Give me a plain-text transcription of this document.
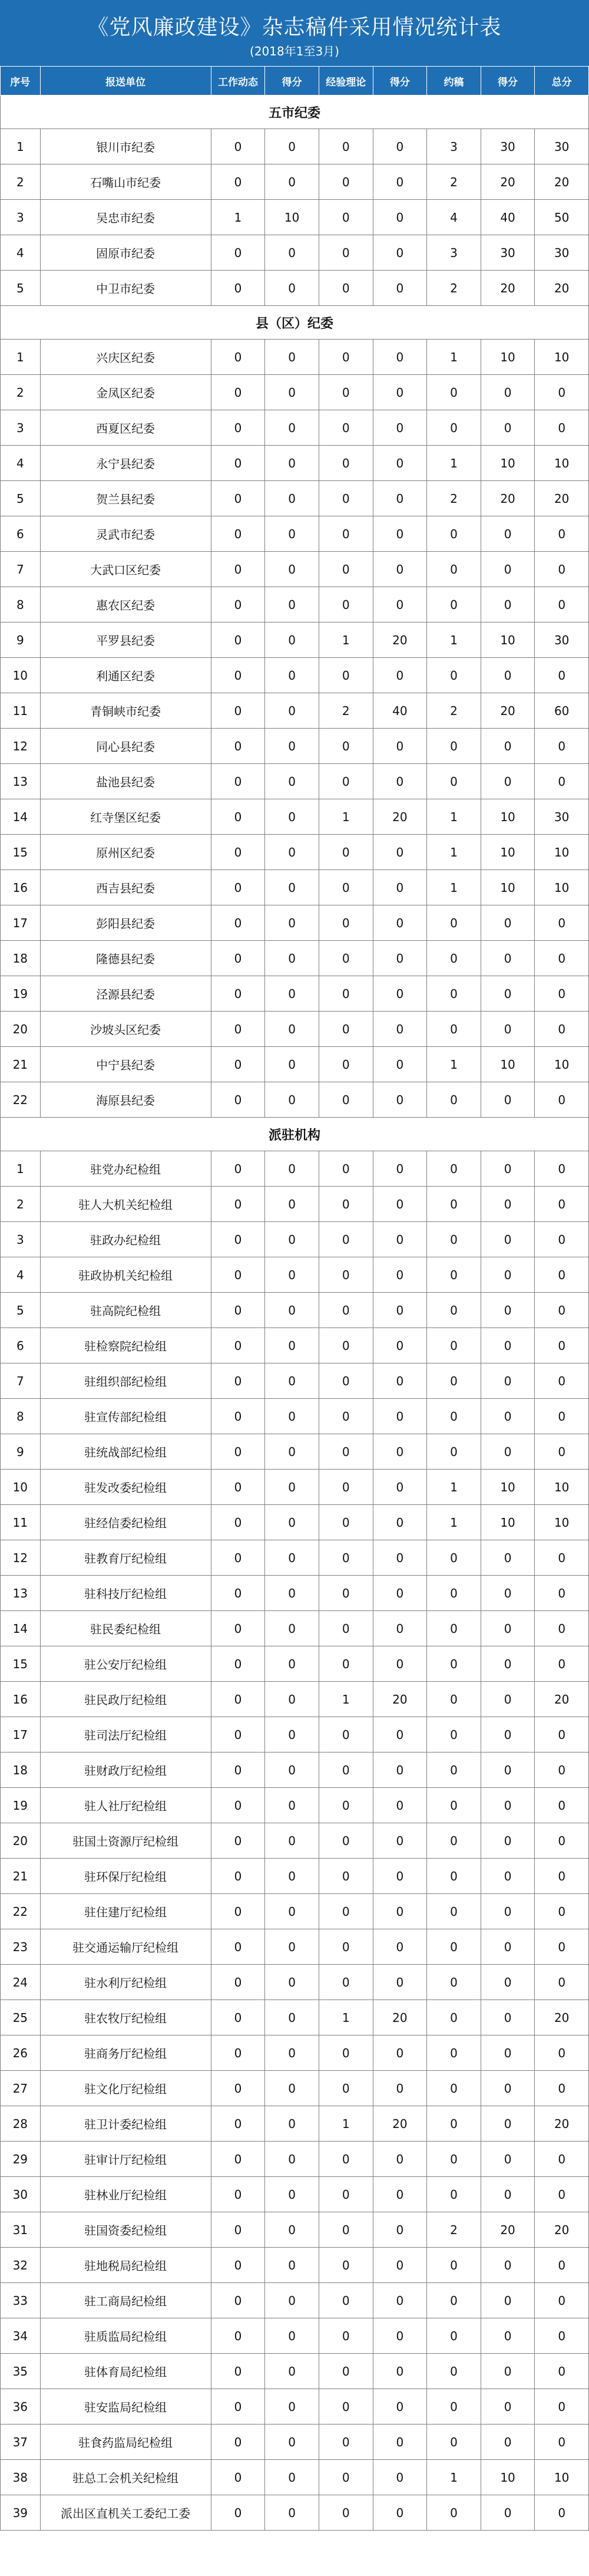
《党风廉政建设》杂志稿件采用情况统计表
(2018年1至3月)
序号	报送单位	工作动态	得分	经验理论	得分	约稿	得分	总分
五市纪委								
1	银川市纪委	0	0	0	0	3	30	30
2	石嘴山市纪委	0	0	0	0	2	20	20
3	吴忠市纪委	1	10	0	0	4	40	50
4	固原市纪委	0	0	0	0	3	30	30
5	中卫市纪委	0	0	0	0	2	20	20
县（区）纪委								
1	兴庆区纪委	0	0	0	0	1	10	10
2	金凤区纪委	0	0	0	0	0	0	0
3	西夏区纪委	0	0	0	0	0	0	0
4	永宁县纪委	0	0	0	0	1	10	10
5	贺兰县纪委	0	0	0	0	2	20	20
6	灵武市纪委	0	0	0	0	0	0	0
7	大武口区纪委	0	0	0	0	0	0	0
8	惠农区纪委	0	0	0	0	0	0	0
9	平罗县纪委	0	0	1	20	1	10	30
10	利通区纪委	0	0	0	0	0	0	0
11	青铜峡市纪委	0	0	2	40	2	20	60
12	同心县纪委	0	0	0	0	0	0	0
13	盐池县纪委	0	0	0	0	0	0	0
14	红寺堡区纪委	0	0	1	20	1	10	30
15	原州区纪委	0	0	0	0	1	10	10
16	西吉县纪委	0	0	0	0	1	10	10
17	彭阳县纪委	0	0	0	0	0	0	0
18	隆德县纪委	0	0	0	0	0	0	0
19	泾源县纪委	0	0	0	0	0	0	0
20	沙坡头区纪委	0	0	0	0	0	0	0
21	中宁县纪委	0	0	0	0	1	10	10
22	海原县纪委	0	0	0	0	0	0	0
派驻机构								
1	驻党办纪检组	0	0	0	0	0	0	0
2	驻人大机关纪检组	0	0	0	0	0	0	0
3	驻政办纪检组	0	0	0	0	0	0	0
4	驻政协机关纪检组	0	0	0	0	0	0	0
5	驻高院纪检组	0	0	0	0	0	0	0
6	驻检察院纪检组	0	0	0	0	0	0	0
7	驻组织部纪检组	0	0	0	0	0	0	0
8	驻宣传部纪检组	0	0	0	0	0	0	0
9	驻统战部纪检组	0	0	0	0	0	0	0
10	驻发改委纪检组	0	0	0	0	1	10	10
11	驻经信委纪检组	0	0	0	0	1	10	10
12	驻教育厅纪检组	0	0	0	0	0	0	0
13	驻科技厅纪检组	0	0	0	0	0	0	0
14	驻民委纪检组	0	0	0	0	0	0	0
15	驻公安厅纪检组	0	0	0	0	0	0	0
16	驻民政厅纪检组	0	0	1	20	0	0	20
17	驻司法厅纪检组	0	0	0	0	0	0	0
18	驻财政厅纪检组	0	0	0	0	0	0	0
19	驻人社厅纪检组	0	0	0	0	0	0	0
20	驻国土资源厅纪检组	0	0	0	0	0	0	0
21	驻环保厅纪检组	0	0	0	0	0	0	0
22	驻住建厅纪检组	0	0	0	0	0	0	0
23	驻交通运输厅纪检组	0	0	0	0	0	0	0
24	驻水利厅纪检组	0	0	0	0	0	0	0
25	驻农牧厅纪检组	0	0	1	20	0	0	20
26	驻商务厅纪检组	0	0	0	0	0	0	0
27	驻文化厅纪检组	0	0	0	0	0	0	0
28	驻卫计委纪检组	0	0	1	20	0	0	20
29	驻审计厅纪检组	0	0	0	0	0	0	0
30	驻林业厅纪检组	0	0	0	0	0	0	0
31	驻国资委纪检组	0	0	0	0	2	20	20
32	驻地税局纪检组	0	0	0	0	0	0	0
33	驻工商局纪检组	0	0	0	0	0	0	0
34	驻质监局纪检组	0	0	0	0	0	0	0
35	驻体育局纪检组	0	0	0	0	0	0	0
36	驻安监局纪检组	0	0	0	0	0	0	0
37	驻食药监局纪检组	0	0	0	0	0	0	0
38	驻总工会机关纪检组	0	0	0	0	1	10	10
39	派出区直机关工委纪工委	0	0	0	0	0	0	0
